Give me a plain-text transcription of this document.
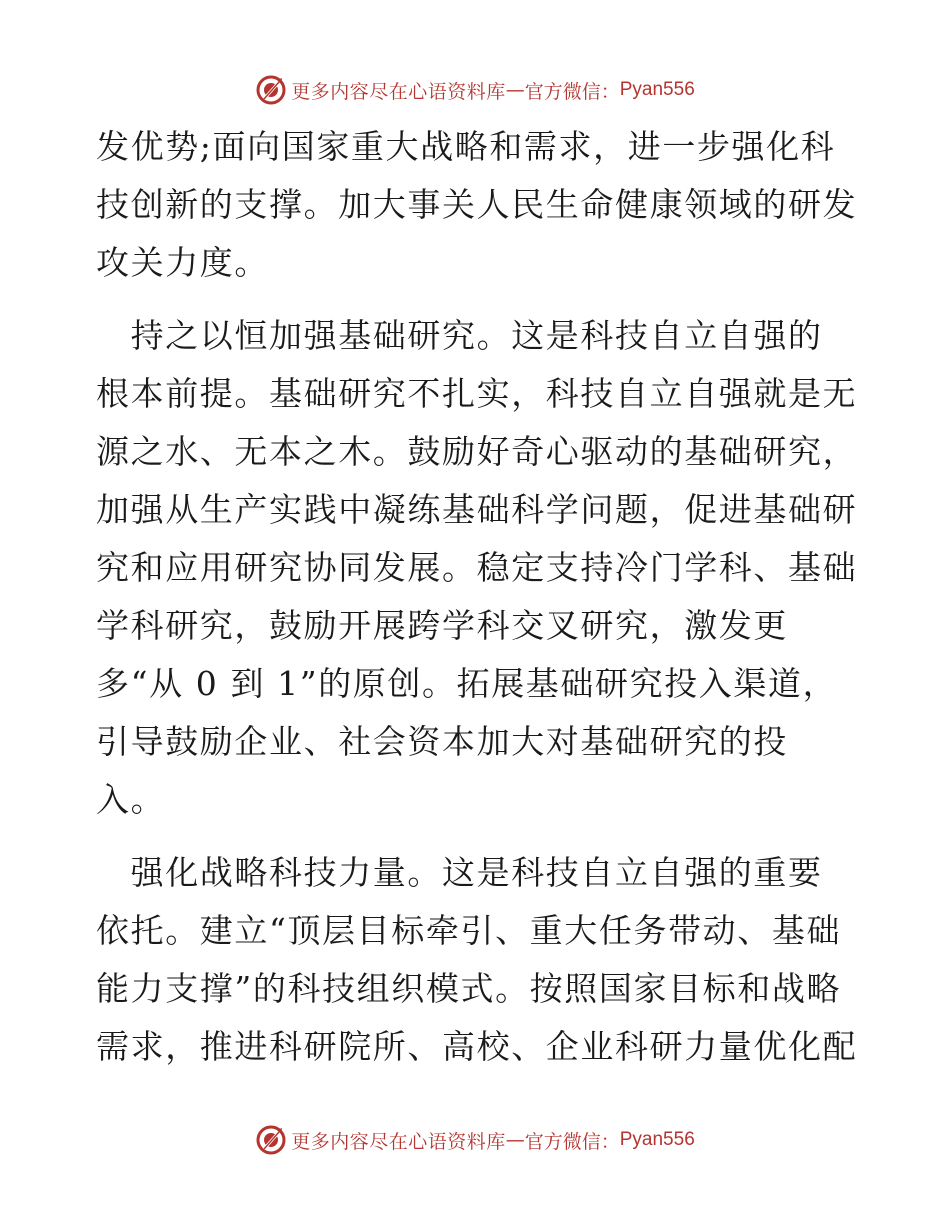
更多内容尽在心语资料库 — 官方微信： Pyan556
发优势;面向国家重大战略和需求，进一步强化科
技创新的支撑。加大事关人民生命健康领域的研发
攻关力度。
　持之以恒加强基础研究。这是科技自立自强的
根本前提。基础研究不扎实，科技自立自强就是无
源之水、无本之木。鼓励好奇心驱动的基础研究，
加强从生产实践中凝练基础科学问题，促进基础研
究和应用研究协同发展。稳定支持冷门学科、基础
学科研究，鼓励开展跨学科交叉研究，激发更
多“从 0 到 1”的原创。拓展基础研究投入渠道，
引导鼓励企业、社会资本加大对基础研究的投
入。
　强化战略科技力量。这是科技自立自强的重要
依托。建立“顶层目标牵引、重大任务带动、基础
能力支撑”的科技组织模式。按照国家目标和战略
需求，推进科研院所、高校、企业科研力量优化配
更多内容尽在心语资料库 — 官方微信： Pyan556
